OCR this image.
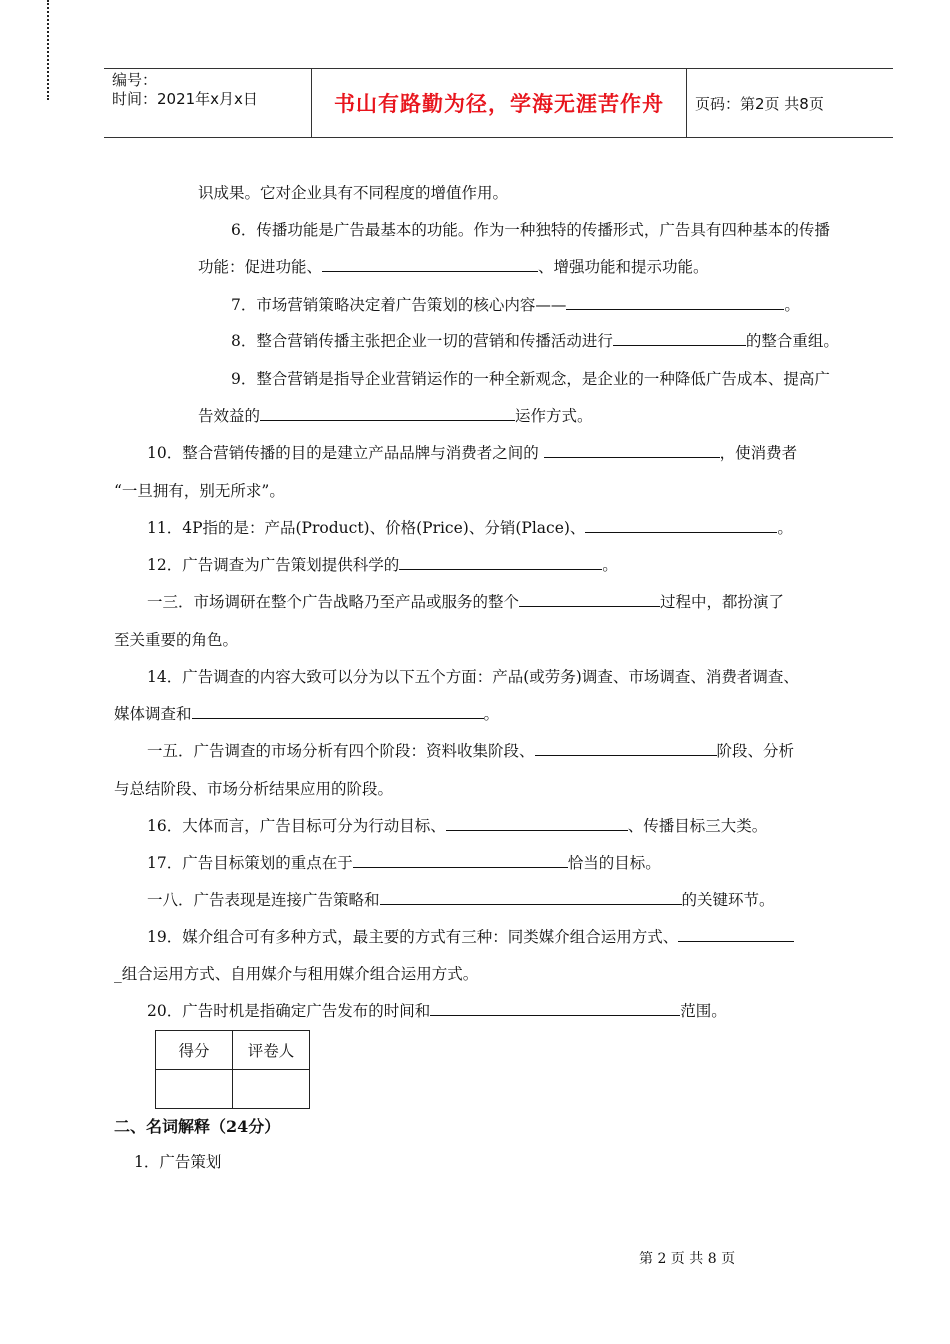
编号：
时间：2021年x月x日	书山有路勤为径，学海无涯苦作舟	页码：第2页 共8页
识成果。它对企业具有不同程度的增值作用。
6．传播功能是广告最基本的功能。作为一种独特的传播形式，广告具有四种基本的传播
功能：促进功能、	、增强功能和提示功能。
7．市场营销策略决定着广告策划的核心内容——	。
8．整合营销传播主张把企业一切的营销和传播活动进行	的整合重组。
9．整合营销是指导企业营销运作的一种全新观念，是企业的一种降低广告成本、提高广
告效益的	运作方式。
10．整合营销传播的目的是建立产品品牌与消费者之间的	，使消费者
“一旦拥有，别无所求”。
11．4P指的是：产品(Product)、价格(Price)、分销(Place)、	。
12．广告调查为广告策划提供科学的	。
一三．市场调研在整个广告战略乃至产品或服务的整个	过程中，都扮演了
至关重要的角色。
14．广告调查的内容大致可以分为以下五个方面：产品(或劳务)调查、市场调查、消费者调查、
媒体调查和	。
一五．广告调查的市场分析有四个阶段：资料收集阶段、	阶段、分析
与总结阶段、市场分析结果应用的阶段。
16．大体而言，广告目标可分为行动目标、	、传播目标三大类。
17．广告目标策划的重点在于	恰当的目标。
一八．广告表现是连接广告策略和	的关键环节。
19．媒介组合可有多种方式，最主要的方式有三种：同类媒介组合运用方式、
_组合运用方式、自用媒介与租用媒介组合运用方式。
20．广告时机是指确定广告发布的时间和	范围。
得分	评卷人

二、名词解释（24分）
1．广告策划
第 2 页 共 8 页
